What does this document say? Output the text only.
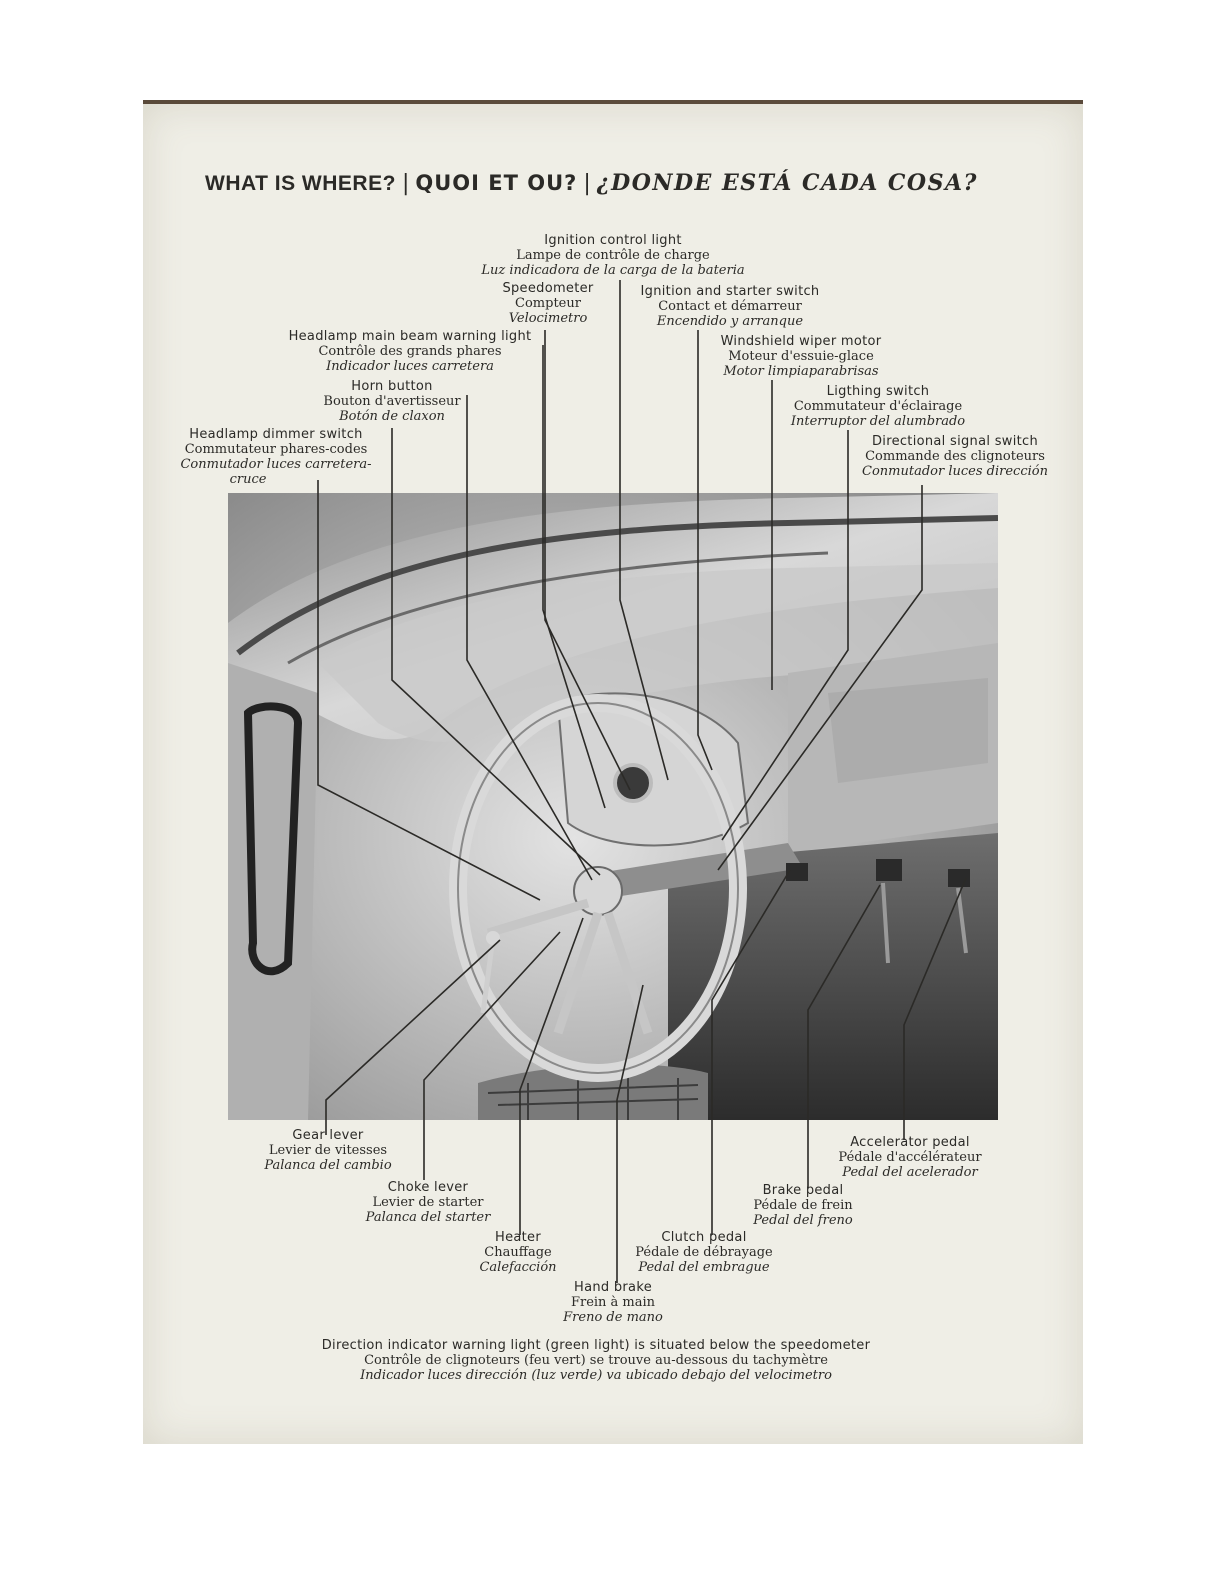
WHAT IS WHERE? | QUOI ET OU? | ¿DONDE ESTÁ CADA COSA?
Ignition control light
Lampe de contrôle de charge
Luz indicadora de la carga de la bateria
Speedometer
Compteur
Velocimetro
Ignition and starter switch
Contact et démarreur
Encendido y arranque
Headlamp main beam warning light
Contrôle des grands phares
Indicador luces carretera
Windshield wiper motor
Moteur d'essuie-glace
Motor limpiaparabrisas
Horn button
Bouton d'avertisseur
Botón de claxon
Ligthing switch
Commutateur d'éclairage
Interruptor del alumbrado
Headlamp dimmer switch
Commutateur phares-codes
Conmutador luces carretera-
cruce
Directional signal switch
Commande des clignoteurs
Conmutador luces dirección
Gear lever
Levier de vitesses
Palanca del cambio
Accelerator pedal
Pédale d'accélérateur
Pedal del acelerador
Choke lever
Levier de starter
Palanca del starter
Brake pedal
Pédale de frein
Pedal del freno
Heater
Chauffage
Calefacción
Clutch pedal
Pédale de débrayage
Pedal del embrague
Hand brake
Frein à main
Freno de mano
Direction indicator warning light (green light) is situated below the speedometer
Contrôle de clignoteurs (feu vert) se trouve au-dessous du tachymètre
Indicador luces dirección (luz verde) va ubicado debajo del velocimetro
